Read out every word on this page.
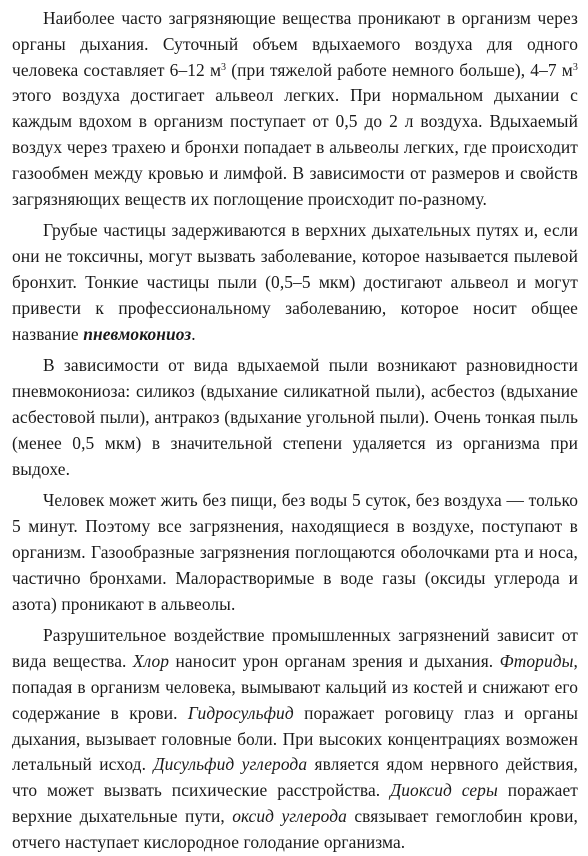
Наиболее часто загрязняющие вещества проникают в организм через органы дыхания. Суточный объем вдыхаемого воздуха для одного человека составляет 6–12 $м^3$ (при тяжелой работе немного больше), 4–7 $м^3$ этого воздуха достигает альвеол легких. При нормальном дыхании с каждым вдохом в организм поступает от 0,5 до 2 л воздуха. Вдыхаемый воздух через трахею и бронхи попадает в альвеолы легких, где происходит газообмен между кровью и лимфой. В зависимости от размеров и свойств загрязняющих веществ их поглощение происходит по-разному.

Грубые частицы задерживаются в верхних дыхательных путях и, если они не токсичны, могут вызвать заболевание, которое называется пылевой бронхит. Тонкие частицы пыли (0,5–5 мкм) достигают альвеол и могут привести к профессиональному заболеванию, которое носит общее название пневмокониоз.

В зависимости от вида вдыхаемой пыли возникают разновидности пневмокониоза: силикоз (вдыхание силикатной пыли), асбестоз (вдыхание асбестовой пыли), антракоз (вдыхание угольной пыли). Очень тонкая пыль (менее 0,5 мкм) в значительной степени удаляется из организма при выдохе.

Человек может жить без пищи, без воды 5 суток, без воздуха — только 5 минут. Поэтому все загрязнения, находящиеся в воздухе, поступают в организм. Газообразные загрязнения поглощаются оболочками рта и носа, частично бронхами. Малорастворимые в воде газы (оксиды углерода и азота) проникают в альвеолы.

Разрушительное воздействие промышленных загрязнений зависит от вида вещества. Хлор наносит урон органам зрения и дыхания. Фториды, попадая в организм человека, вымывают кальций из костей и снижают его содержание в крови. Гидросульфид поражает роговицу глаз и органы дыхания, вызывает головные боли. При высоких концентрациях возможен летальный исход. Дисульфид углерода является ядом нервного действия, что может вызвать психические расстройства. Диоксид серы поражает верхние дыхательные пути, оксид углерода связывает гемоглобин крови, отчего наступает кислородное голодание организма.
